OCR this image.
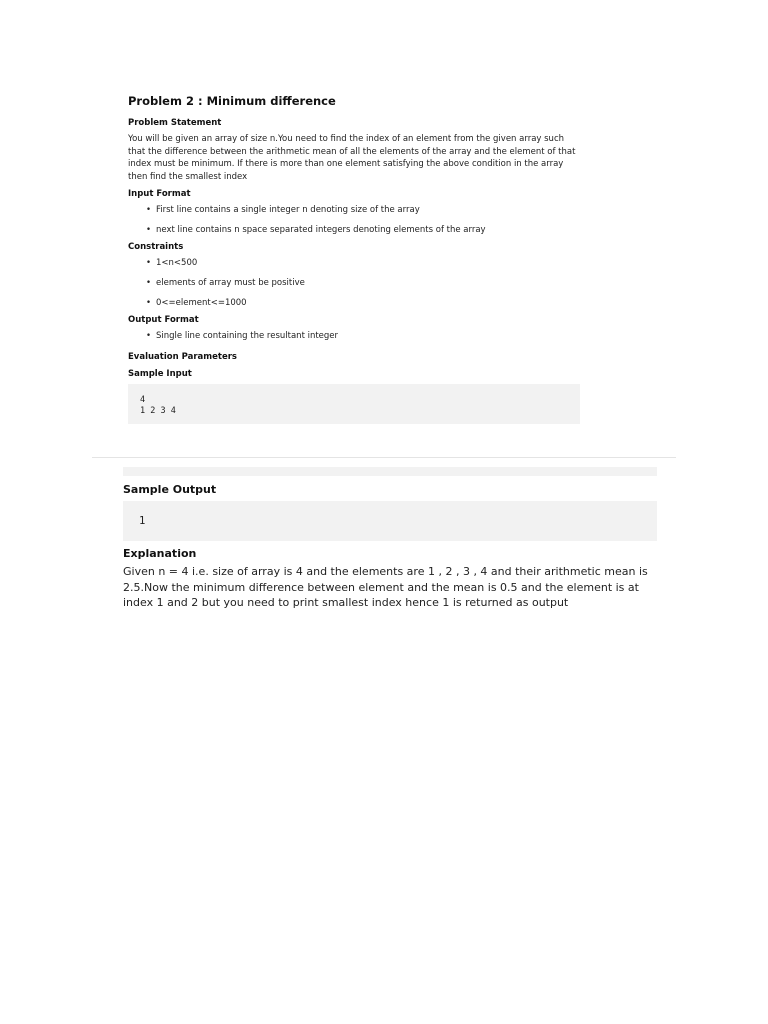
Problem 2 : Minimum difference
Problem Statement

You will be given an array of size n.You need to find the index of an element from the given array such that the difference between the arithmetic mean of all the elements of the array and the element of that index must be minimum. If there is more than one element satisfying the above condition in the array then find the smallest index

Input Format
• First line contains a single integer n denoting size of the array
• next line contains n space separated integers denoting elements of the array
Constraints
• 1<n<500
• elements of array must be positive
• 0<=element<=1000
Output Format
• Single line containing the resultant integer
Evaluation Parameters
Sample Input
4
1 2 3 4
Sample Output
1
Explanation

Given n = 4 i.e. size of array is 4 and the elements are 1 , 2 , 3 , 4 and their arithmetic mean is 2.5.Now the minimum difference between element and the mean is 0.5 and the element is at index 1 and 2 but you need to print smallest index hence 1 is returned as output
